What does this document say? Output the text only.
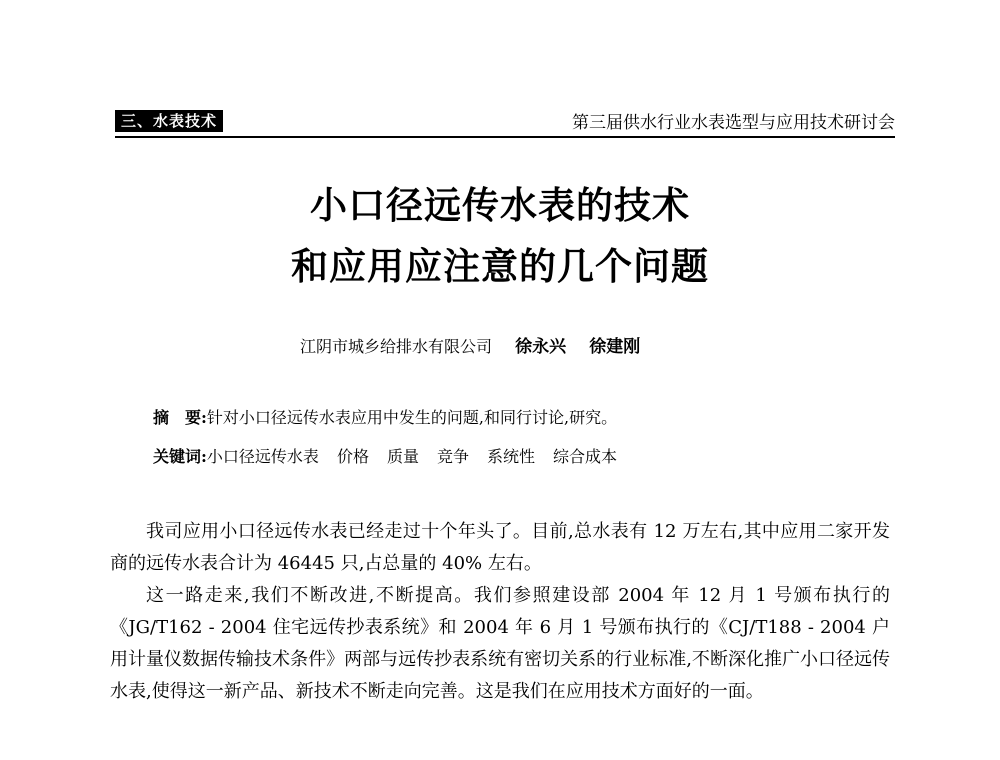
三、水表技术	第三届供水行业水表选型与应用技术研讨会
小口径远传水表的技术
和应用应注意的几个问题
江阴市城乡给排水有限公司 徐永兴 徐建刚
摘　要:针对小口径远传水表应用中发生的问题,和同行讨论,研究。
关键词:小口径远传水表 价格 质量 竞争 系统性 综合成本

我司应用小口径远传水表已经走过十个年头了。目前,总水表有 12 万左右,其中应用二家开发商的远传水表合计为 46445 只,占总量的 40% 左右。

这一路走来,我们不断改进,不断提高。我们参照建设部 2004 年 12 月 1 号颁布执行的《JG/T162 - 2004 住宅远传抄表系统》和 2004 年 6 月 1 号颁布执行的《CJ/T188 - 2004 户用计量仪数据传输技术条件》两部与远传抄表系统有密切关系的行业标准,不断深化推广小口径远传水表,使得这一新产品、新技术不断走向完善。这是我们在应用技术方面好的一面。
